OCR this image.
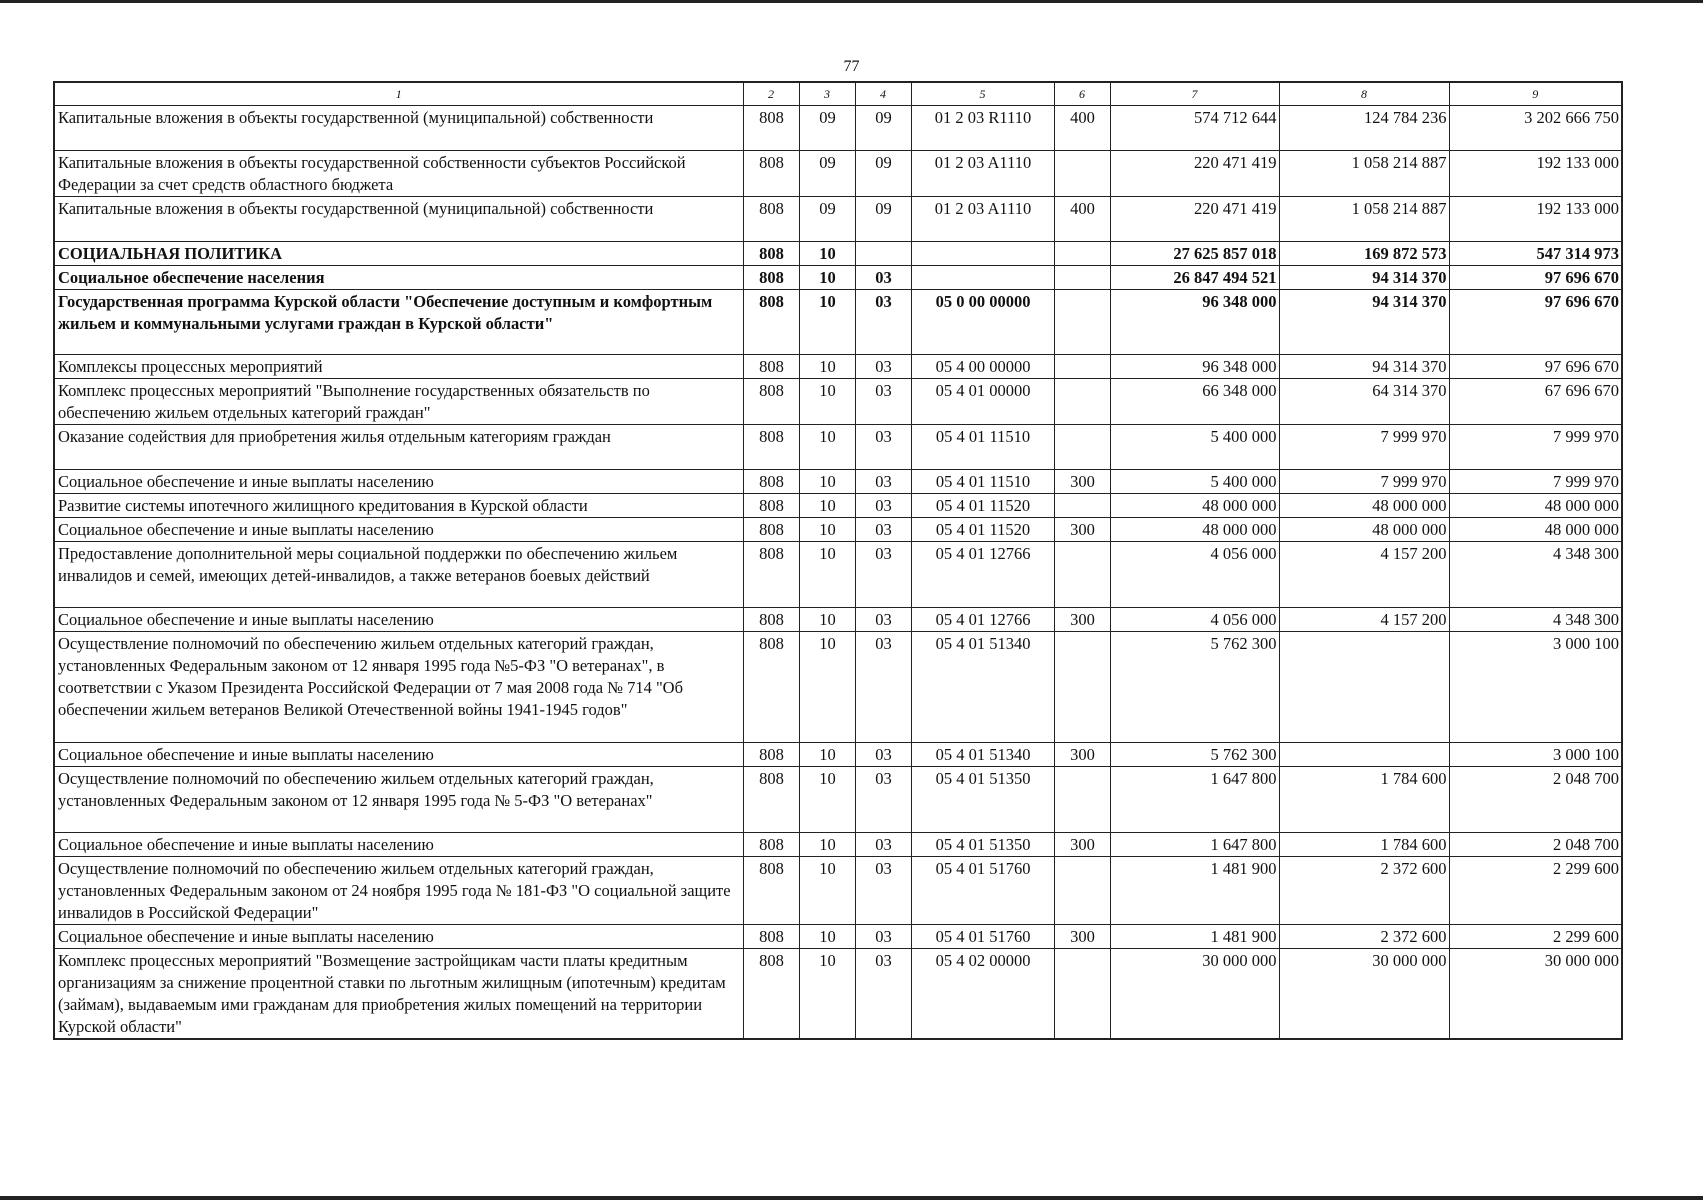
77
1	2	3	4	5	6	7	8	9
Капитальные вложения в объекты государственной (муниципальной) собственности	808	09	09	01 2 03 R1110	400	574 712 644	124 784 236	3 202 666 750
Капитальные вложения в объекты государственной собственности субъектов Российской Федерации за счет средств областного бюджета	808	09	09	01 2 03 A1110		220 471 419	1 058 214 887	192 133 000
Капитальные вложения в объекты государственной (муниципальной) собственности	808	09	09	01 2 03 A1110	400	220 471 419	1 058 214 887	192 133 000
СОЦИАЛЬНАЯ ПОЛИТИКА	808	10				27 625 857 018	169 872 573	547 314 973
Социальное обеспечение населения	808	10	03			26 847 494 521	94 314 370	97 696 670
Государственная программа Курской области "Обеспечение доступным и комфортным жильем и коммунальными услугами граждан в Курской области"	808	10	03	05 0 00 00000		96 348 000	94 314 370	97 696 670
Комплексы процессных мероприятий	808	10	03	05 4 00 00000		96 348 000	94 314 370	97 696 670
Комплекс процессных мероприятий "Выполнение государственных обязательств по обеспечению жильем отдельных категорий граждан"	808	10	03	05 4 01 00000		66 348 000	64 314 370	67 696 670
Оказание содействия для приобретения жилья отдельным категориям граждан	808	10	03	05 4 01 11510		5 400 000	7 999 970	7 999 970
Социальное обеспечение и иные выплаты населению	808	10	03	05 4 01 11510	300	5 400 000	7 999 970	7 999 970
Развитие системы ипотечного жилищного кредитования в Курской области	808	10	03	05 4 01 11520		48 000 000	48 000 000	48 000 000
Социальное обеспечение и иные выплаты населению	808	10	03	05 4 01 11520	300	48 000 000	48 000 000	48 000 000
Предоставление дополнительной меры социальной поддержки по обеспечению жильем инвалидов и семей, имеющих детей-инвалидов, а также ветеранов боевых действий	808	10	03	05 4 01 12766		4 056 000	4 157 200	4 348 300
Социальное обеспечение и иные выплаты населению	808	10	03	05 4 01 12766	300	4 056 000	4 157 200	4 348 300
Осуществление полномочий по обеспечению жильем отдельных категорий граждан, установленных Федеральным законом от 12 января 1995 года №5-ФЗ "О ветеранах", в соответствии с Указом Президента Российской Федерации от 7 мая 2008 года № 714 "Об обеспечении жильем ветеранов Великой Отечественной войны 1941-1945 годов"	808	10	03	05 4 01 51340		5 762 300		3 000 100
Социальное обеспечение и иные выплаты населению	808	10	03	05 4 01 51340	300	5 762 300		3 000 100
Осуществление полномочий по обеспечению жильем отдельных категорий граждан, установленных Федеральным законом от 12 января 1995 года № 5-ФЗ "О ветеранах"	808	10	03	05 4 01 51350		1 647 800	1 784 600	2 048 700
Социальное обеспечение и иные выплаты населению	808	10	03	05 4 01 51350	300	1 647 800	1 784 600	2 048 700
Осуществление полномочий по обеспечению жильем отдельных категорий граждан, установленных Федеральным законом от 24 ноября 1995 года № 181-ФЗ "О социальной защите инвалидов в Российской Федерации"	808	10	03	05 4 01 51760		1 481 900	2 372 600	2 299 600
Социальное обеспечение и иные выплаты населению	808	10	03	05 4 01 51760	300	1 481 900	2 372 600	2 299 600
Комплекс процессных мероприятий "Возмещение застройщикам части платы кредитным организациям за снижение процентной ставки по льготным жилищным (ипотечным) кредитам (займам), выдаваемым ими гражданам для приобретения жилых помещений на территории Курской области"	808	10	03	05 4 02 00000		30 000 000	30 000 000	30 000 000
